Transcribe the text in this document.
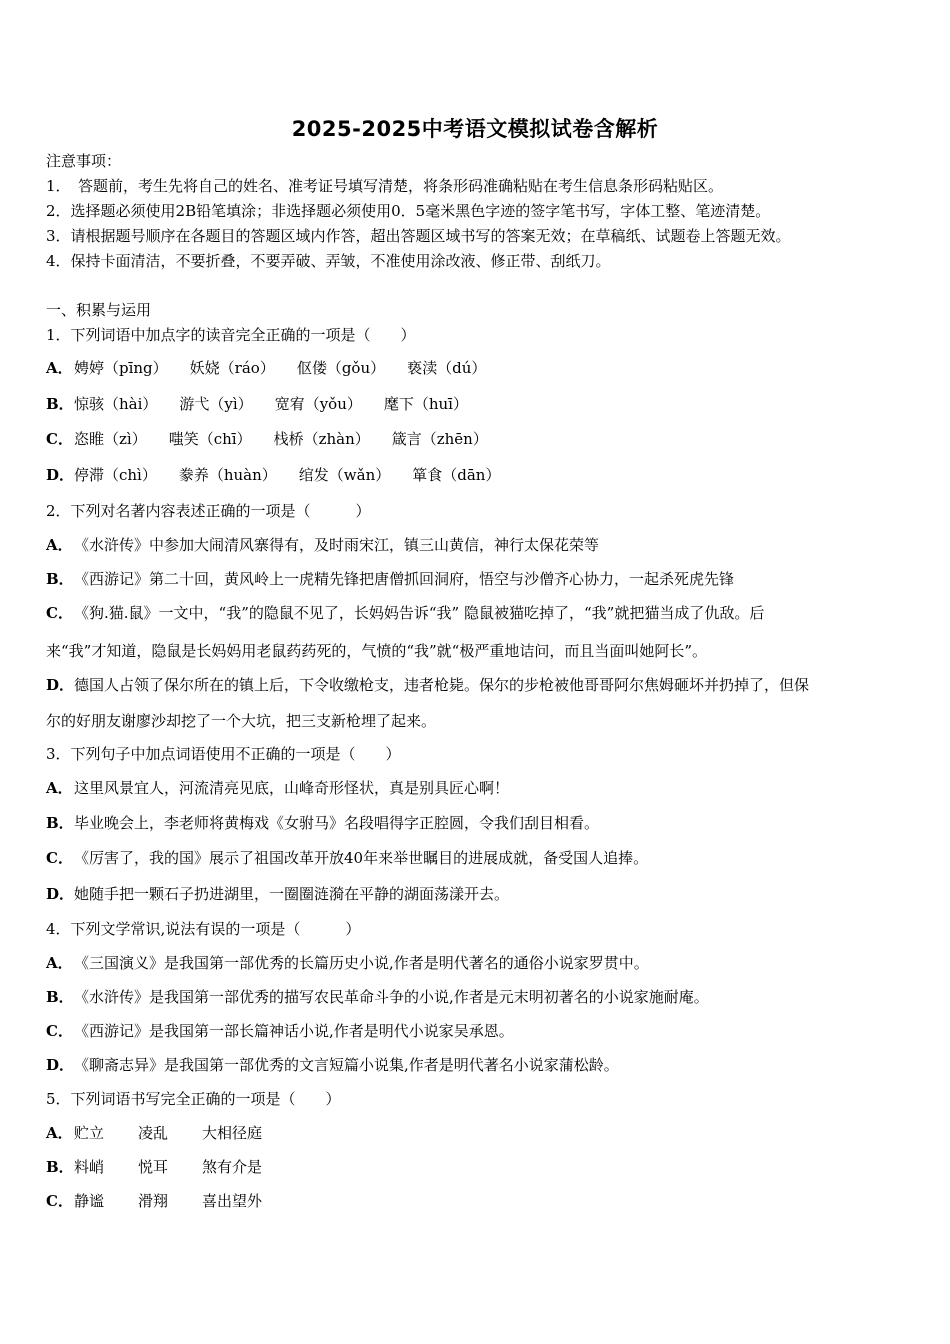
2025-2025中考语文模拟试卷含解析
注意事项：
1．　答题前，考生先将自己的姓名、准考证号填写清楚，将条形码准确粘贴在考生信息条形码粘贴区。
2．选择题必须使用2B铅笔填涂；非选择题必须使用0．5毫米黑色字迹的签字笔书写，字体工整、笔迹清楚。
3．请根据题号顺序在各题目的答题区域内作答，超出答题区域书写的答案无效；在草稿纸、试题卷上答题无效。
4．保持卡面清洁，不要折叠，不要弄破、弄皱，不准使用涂改液、修正带、刮纸刀。
一、积累与运用
1．下列词语中加点字的读音完全正确的一项是（　　）
A．娉婷（pīng） 妖娆（ráo） 伛偻（gǒu） 亵渎（dú）
B．惊骇（hài） 游弋（yì） 宽宥（yǒu） 麾下（huī）
C．恣睢（zì） 嗤笑（chī） 栈桥（zhàn） 箴言（zhēn）
D．停滞（chì） 豢养（huàn） 绾发（wǎn） 箪食（dān）
2．下列对名著内容表述正确的一项是（　　　）
A．《水浒传》中参加大闹清风寨得有，及时雨宋江，镇三山黄信，神行太保花荣等
B．《西游记》第二十回，黄风岭上一虎精先锋把唐僧抓回洞府，悟空与沙僧齐心协力，一起杀死虎先锋
C．《狗.猫.鼠》一文中，“我”的隐鼠不见了，长妈妈告诉“我” 隐鼠被猫吃掉了，“我”就把猫当成了仇敌。后
来“我”才知道，隐鼠是长妈妈用老鼠药药死的，气愤的“我”就“极严重地诘问，而且当面叫她阿长”。
D．德国人占领了保尔所在的镇上后，下令收缴枪支，违者枪毙。保尔的步枪被他哥哥阿尔焦姆砸坏并扔掉了，但保
尔的好朋友谢廖沙却挖了一个大坑，把三支新枪埋了起来。
3．下列句子中加点词语使用不正确的一项是（　　）
A．这里风景宜人，河流清亮见底，山峰奇形怪状，真是别具匠心啊！
B．毕业晚会上，李老师将黄梅戏《女驸马》名段唱得字正腔圆，令我们刮目相看。
C．《厉害了，我的国》展示了祖国改革开放40年来举世瞩目的进展成就，备受国人追捧。
D．她随手把一颗石子扔进湖里，一圈圈涟漪在平静的湖面荡漾开去。
4．下列文学常识,说法有误的一项是（　　　）
A．《三国演义》是我国第一部优秀的长篇历史小说,作者是明代著名的通俗小说家罗贯中。
B．《水浒传》是我国第一部优秀的描写农民革命斗争的小说,作者是元末明初著名的小说家施耐庵。
C．《西游记》是我国第一部长篇神话小说,作者是明代小说家吴承恩。
D．《聊斋志异》是我国第一部优秀的文言短篇小说集,作者是明代著名小说家蒲松龄。
5．下列词语书写完全正确的一项是（　　）
A．贮立 凌乱 大相径庭
B．料峭 悦耳 煞有介是
C．静谧 滑翔 喜出望外
